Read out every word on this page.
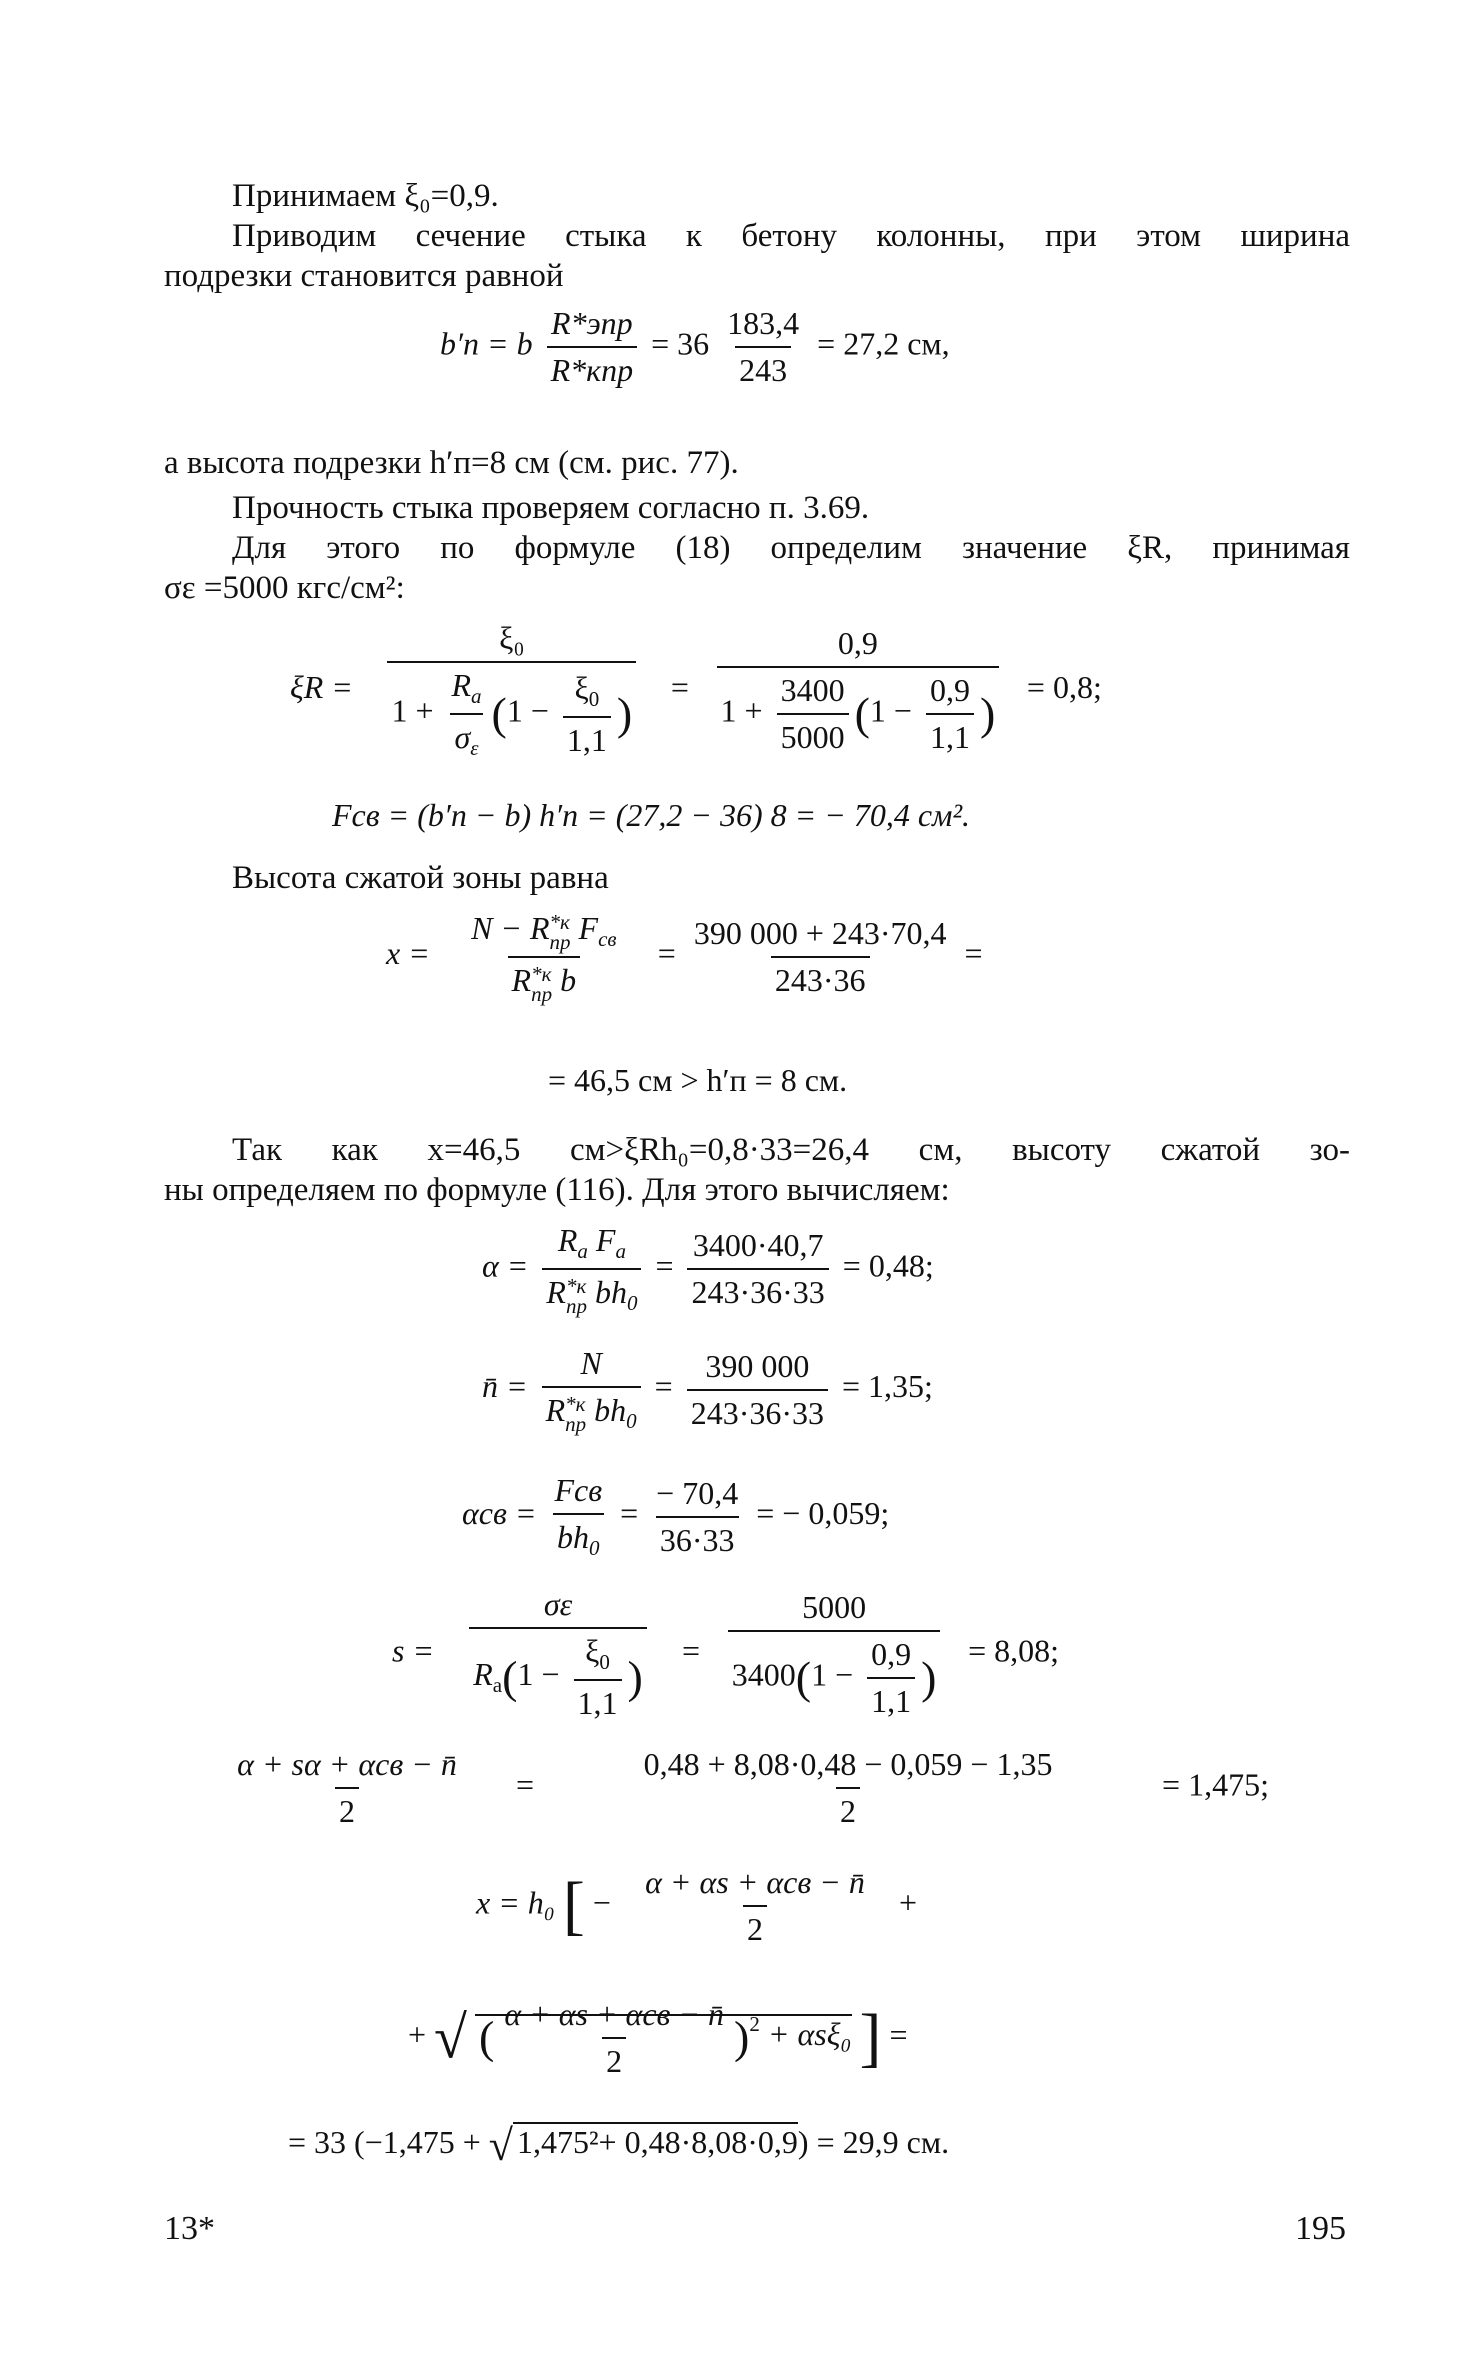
Принимаем ξ₀=0,9.
Приводим сечение стыка к бетону колонны, при этом ширина
подрезки становится равной
b′п = b $\frac{\text{R*эпр}}{\text{R*кпр}} = 36 \frac{183,4}{243} = 27,2$ см,
а высота подрезки h′п=8 см (см. рис. 77).
Прочность стыка проверяем согласно п. 3.69.
Для этого по формуле (18) определим значение ξR, принимая
σε =5000 кгс/см²:
$\xi R = \frac{\text{ξ₀}}{1 + \frac{R_a}{\sigma_\varepsilon} (1 - \frac{\xi_0}{1,1} )} = \frac{0,9}{1 + \frac{3400}{5000} (1 - \frac{0,9}{1,1} )} = 0,8$;
Fсв = (b′п − b) h′п = (27,2 − 36) 8 = − 70,4 см².
Высота сжатой зоны равна
x = N − R *к
пр $F_{св}$
R *к
пр $b = \frac{390 000 + 243\cdot 70,4}{243\cdot 36}$ =
= 46,5 см > h′п = 8 см.
Так как x=46,5 см>ξRh₀=0,8·33=26,4 см, высоту сжатой зо-
ны определяем по формуле (116). Для этого вычисляем:
$\alpha = R_a$ $F_a$
R *к
пр $bh_0 = \frac{3400\cdot 40,7}{243\cdot 36\cdot 33} = 0,48$;
n̄ = N
R *к
пр $bh_0 = \frac{390 000}{243\cdot 36\cdot 33} = 1,35$;
$\alpha св = \frac{\text{Fсв}}{bh_0} = \frac{- 70,4}{36\cdot 33}$ = − 0,059;
$s = \frac{\sigma\varepsilon}{R_a(1 - \frac{\xi_0}{1,1} )} = \frac{5000}{3400(1 - \frac{0,9}{1,1} )} = 8,08$;
$\frac{\text{α + sα + αсв − n̄}}{2} = \frac{0,48 + 8,08\cdot 0,48 - 0,059 - 1,35}{2} = 1,475$;
x = h₀ [ − $\frac{\text{α + αs + αсв − n̄}}{2}$ +
+ √ ( $\frac{\text{α + αs + αсв − n̄}}{2} )^2 + \alpha s\xi_0$ ] =
= 33 (−1,475 + √ 1,475²+ 0,48·8,08·0,9) = 29,9 см.
13*	195
